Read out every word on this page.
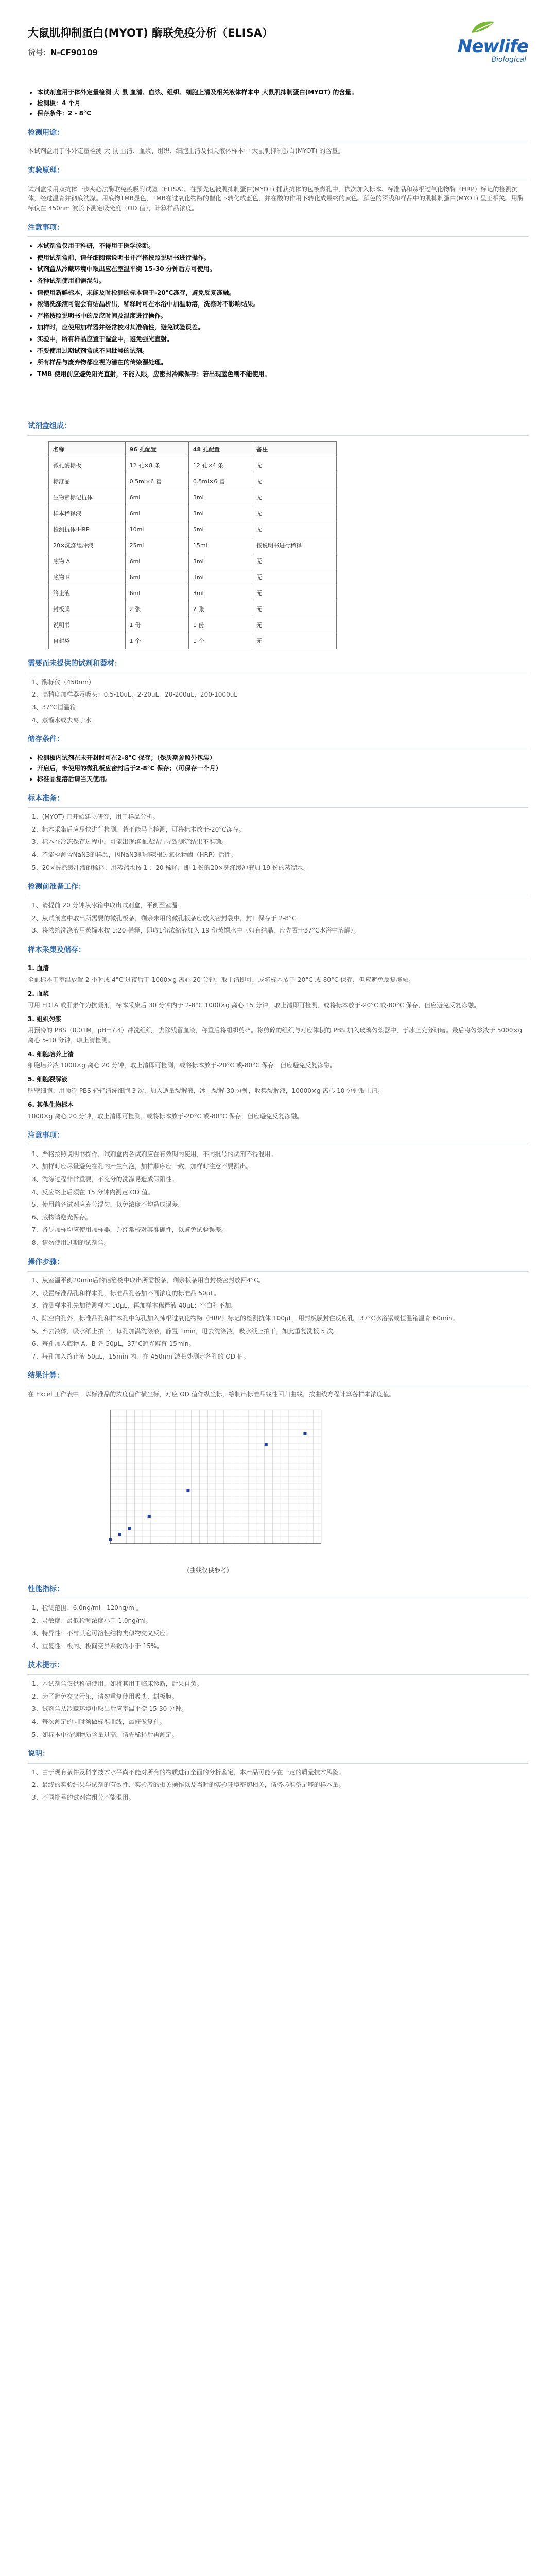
大鼠肌抑制蛋白(MYOT) 酶联免疫分析（ELISA）
货号: N-CF90109	Newlife
Biological
• 本试剂盒用于体外定量检测 大 鼠 血清、血浆、组织、细胞上清及相关液体样本中 大鼠肌抑制蛋白(MYOT) 的含量。
• 检测板：4 个月
• 保存条件：2 - 8°C
检测用途：

本试剂盒用于体外定量检测 大 鼠 血清、血浆、组织、细胞上清及相关液体样本中 大鼠肌抑制蛋白(MYOT) 的含量。

实验原理：

试剂盒采用双抗体一步夹心法酶联免疫吸附试验（ELISA）。往预先包被肌抑制蛋白(MYOT) 捕获抗体的包被微孔中，依次加入标本、标准品和辣根过氧化物酶（HRP）标记的检测抗体，经过温育并彻底洗涤。用底物TMB显色，TMB在过氧化物酶的催化下转化成蓝色，并在酸的作用下转化成最终的黄色。颜色的深浅和样品中的肌抑制蛋白(MYOT) 呈正相关。用酶标仪在 450nm 波长下测定吸光度（OD 值），计算样品浓度。

注意事项：
• 本试剂盒仅用于科研，不得用于医学诊断。
• 使用试剂盒前，请仔细阅读说明书并严格按照说明书进行操作。
• 试剂盒从冷藏环境中取出应在室温平衡 15-30 分钟后方可使用。
• 各种试剂使用前需混匀。
• 请使用新鲜标本，未能及时检测的标本请于-20°C冻存，避免反复冻融。
• 浓缩洗涤液可能会有结晶析出，稀释时可在水浴中加温助溶，洗涤时不影响结果。
• 严格按照说明书中的反应时间及温度进行操作。
• 加样时，应使用加样器并经常校对其准确性，避免试验误差。
• 实验中，所有样品应置于湿盒中，避免强光直射。
• 不要使用过期试剂盒或不同批号的试剂。
• 所有样品与废弃物都应视为潜在的传染源处理。
• TMB 使用前应避免阳光直射，不能入眼，应密封冷藏保存；若出现蓝色则不能使用。
试剂盒组成：
名称	96 孔配置	48 孔配置	备注
微孔酶标板	12 孔×8 条	12 孔×4 条	无
标准品	0.5ml×6 管	0.5ml×6 管	无
生物素标记抗体	6ml	3ml	无
样本稀释液	6ml	3ml	无
检测抗体-HRP	10ml	5ml	无
20×洗涤缓冲液	25ml	15ml	按说明书进行稀释
底物 A	6ml	3ml	无
底物 B	6ml	3ml	无
终止液	6ml	3ml	无
封板膜	2 张	2 张	无
说明书	1 份	1 份	无
自封袋	1 个	1 个	无
需要而未提供的试剂和器材：
1、酶标仪（450nm）
2、高精度加样器及吸头：0.5-10uL、2-20uL、20-200uL、200-1000uL
3、37°C恒温箱
4、蒸馏水或去离子水
储存条件：
• 检测板内试剂在未开封时可在2-8°C 保存；（保质期参照外包装）
• 开启后，未使用的微孔板应密封后于2-8°C 保存；（可保存一个月）
• 标准品复溶后请当天使用。
标本准备：
1、(MYOT) 已开始建立研究，用于样品分析。
2、标本采集后应尽快进行检测，若不能马上检测，可将标本放于-20°C冻存。
3、标本在冷冻保存过程中，可能出现溶血或结晶导致测定结果不准确。
4、不能检测含NaN3的样品，因NaN3抑制辣根过氧化物酶（HRP）活性。
5、20×洗涤缓冲液的稀释：用蒸馏水按 1 ：20 稀释，即 1 份的20×洗涤缓冲液加 19 份的蒸馏水。
检测前准备工作：
1、请提前 20 分钟从冰箱中取出试剂盒，平衡至室温。
2、从试剂盒中取出所需要的微孔板条，剩余未用的微孔板条应放入密封袋中，封口保存于 2-8°C。
3、将浓缩洗涤液用蒸馏水按 1:20 稀释，即取1份浓缩液加入 19 份蒸馏水中（如有结晶，应先置于37°C水浴中溶解）。
样本采集及储存：
1. 血清

全血标本于室温放置 2 小时或 4°C 过夜后于 1000×g 离心 20 分钟，取上清即可，或将标本放于-20°C 或-80°C 保存，但应避免反复冻融。

2. 血浆

可用 EDTA 或肝素作为抗凝剂，标本采集后 30 分钟内于 2-8°C 1000×g 离心 15 分钟，取上清即可检测，或将标本放于-20°C 或-80°C 保存，但应避免反复冻融。

3. 组织匀浆

用预冷的 PBS（0.01M，pH=7.4）冲洗组织，去除残留血液，称重后将组织剪碎。将剪碎的组织与对应体积的 PBS 加入玻璃匀浆器中，于冰上充分研磨。最后将匀浆液于 5000×g 离心 5-10 分钟，取上清检测。

4. 细胞培养上清

细胞培养液 1000×g 离心 20 分钟，取上清即可检测，或将标本放于-20°C 或-80°C 保存，但应避免反复冻融。

5. 细胞裂解液

贴壁细胞：用预冷 PBS 轻轻清洗细胞 3 次，加入适量裂解液，冰上裂解 30 分钟，收集裂解液，10000×g 离心 10 分钟取上清。

6. 其他生物标本

1000×g 离心 20 分钟，取上清即可检测，或将标本放于-20°C 或-80°C 保存，但应避免反复冻融。

注意事项：
1、严格按照说明书操作，试剂盒内各试剂应在有效期内使用，不同批号的试剂不得混用。
2、加样时应尽量避免在孔内产生气泡，加样顺序应一致，加样时注意不要溅出。
3、洗涤过程非常重要，不充分的洗涤易造成假阳性。
4、反应终止后须在 15 分钟内测定 OD 值。
5、使用前各试剂应充分混匀，以免浓度不均造成误差。
6、底物请避光保存。
7、各步加样均应使用加样器，并经常校对其准确性，以避免试验误差。
8、请勿使用过期的试剂盒。
操作步骤：
1、从室温平衡20min后的铝箔袋中取出所需板条，剩余板条用自封袋密封放回4°C。
2、设置标准品孔和样本孔，标准品孔各加不同浓度的标准品 50μL。
3、待测样本孔先加待测样本 10μL，再加样本稀释液 40μL；空白孔不加。
4、除空白孔外，标准品孔和样本孔中每孔加入辣根过氧化物酶（HRP）标记的检测抗体 100μL，用封板膜封住反应孔，37°C水浴锅或恒温箱温育 60min。
5、弃去液体，吸水纸上拍干，每孔加满洗涤液，静置 1min，甩去洗涤液，吸水纸上拍干，如此重复洗板 5 次。
6、每孔加入底物 A、B 各 50μL，37°C避光孵育 15min。
7、每孔加入终止液 50μL，15min 内，在 450nm 波长处测定各孔的 OD 值。
结果计算：

在 Excel 工作表中，以标准品的浓度值作横坐标，对应 OD 值作纵坐标，绘制出标准品线性回归曲线，按曲线方程计算各样本浓度值。

(曲线仅供参考)
性能指标：
1、检测范围：6.0ng/ml—120ng/ml。
2、灵敏度：最低检测浓度小于 1.0ng/ml。
3、特异性：不与其它可溶性结构类似物交叉反应。
4、重复性：板内、板间变异系数均小于 15%。
技术提示：
1、本试剂盒仅供科研使用，如将其用于临床诊断，后果自负。
2、为了避免交叉污染，请勿重复使用吸头、封板膜。
3、试剂盒从冷藏环境中取出后应室温平衡 15-30 分钟。
4、每次测定的同时须做标准曲线，最好做复孔。
5、如标本中待测物质含量过高，请先稀释后再测定。
说明：
1、由于现有条件及科学技术水平尚不能对所有的物质进行全面的分析鉴定，本产品可能存在一定的质量技术风险。
2、最终的实验结果与试剂的有效性、实验者的相关操作以及当时的实验环境密切相关，请务必准备足够的样本量。
3、不同批号的试剂盒组分不能混用。
